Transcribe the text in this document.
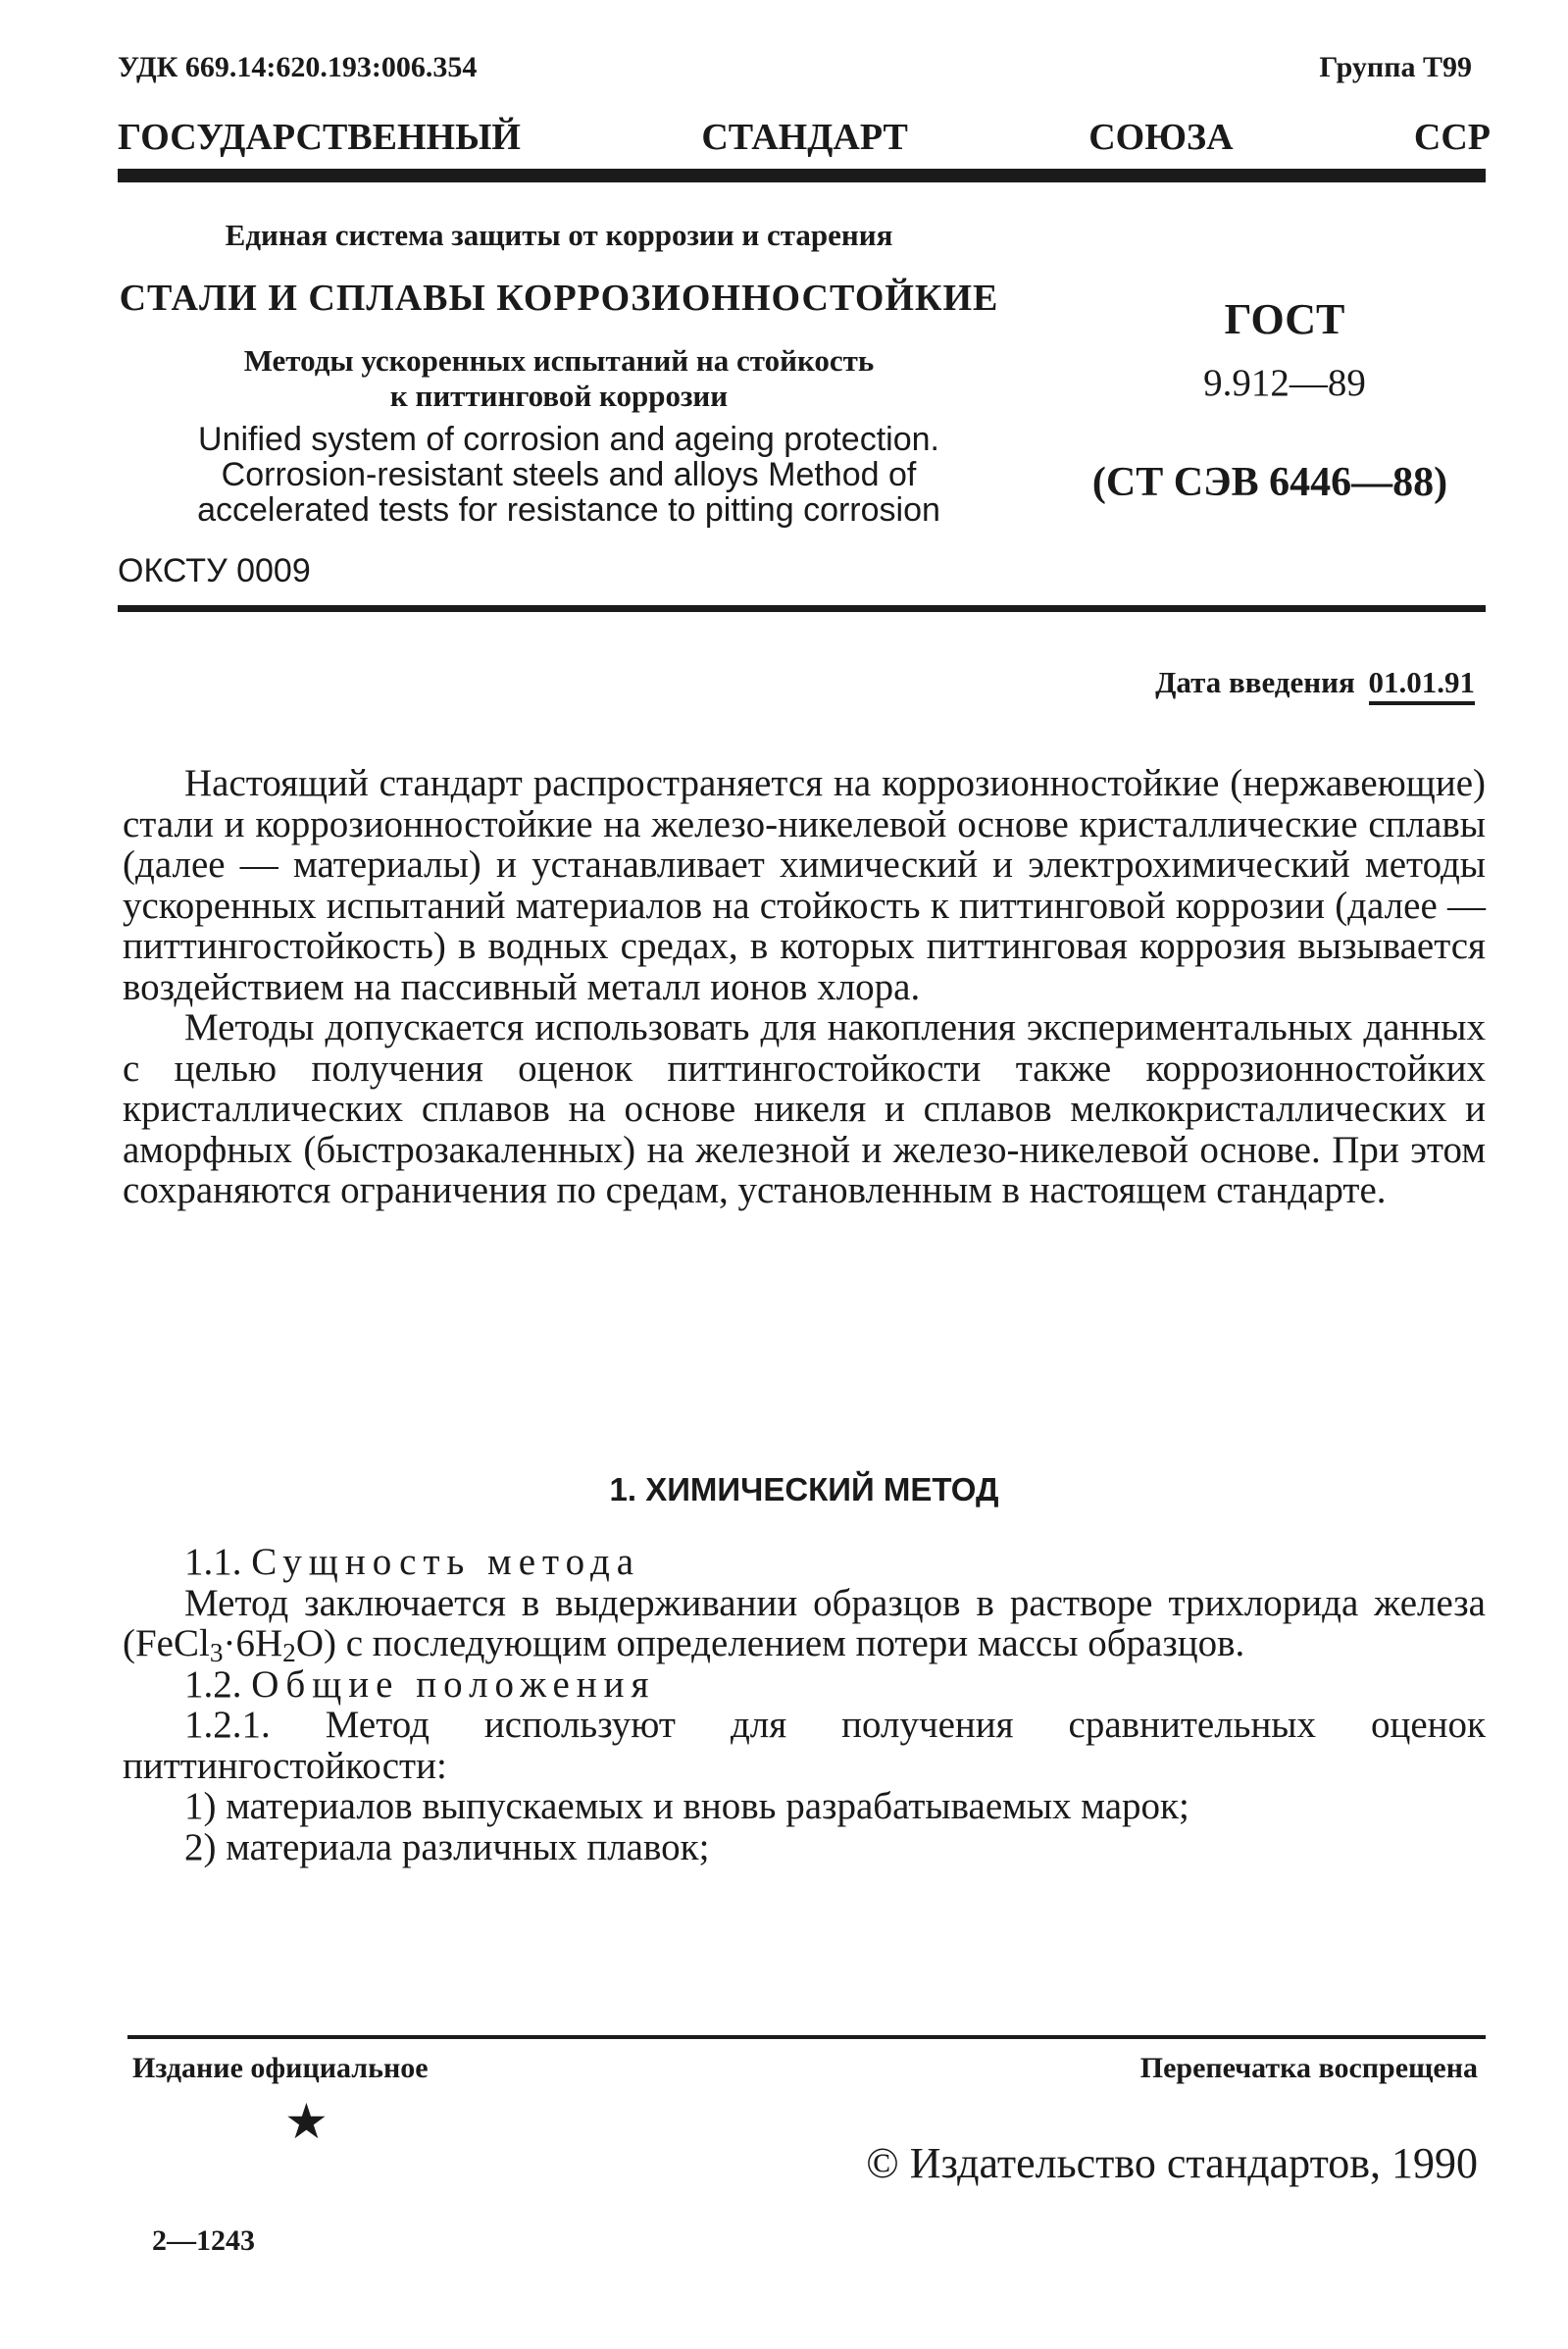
УДК 669.14:620.193:006.354	Группа Т99
ГОСУДАРСТВЕННЫЙ СТАНДАРТ СОЮЗА ССР
Единая система защиты от коррозии и старения
СТАЛИ И СПЛАВЫ КОРРОЗИОННОСТОЙКИЕ
Методы ускоренных испытаний на стойкость
к питтинговой коррозии
Unified system of corrosion and ageing protection.
Corrosion-resistant steels and alloys Method of
accelerated tests for resistance to pitting corrosion
ОКСТУ 0009
ГОСТ
9.912—89
(СТ СЭВ 6446—88)
Дата введения 01.01.91

Настоящий стандарт распространяется на коррозионностойкие (нержавеющие) стали и коррозионностойкие на железо-никелевой основе кристаллические сплавы (далее — материалы) и устанавливает химический и электрохимический методы ускоренных испытаний материалов на стойкость к питтинговой коррозии (далее — питтингостойкость) в водных средах, в которых питтинговая коррозия вызывается воздействием на пассивный металл ионов хлора.

Методы допускается использовать для накопления экспериментальных данных с целью получения оценок питтингостойкости также коррозионностойких кристаллических сплавов на основе никеля и сплавов мелкокристаллических и аморфных (быстрозакаленных) на железной и железо-никелевой основе. При этом сохраняются ограничения по средам, установленным в настоящем стандарте.

1. ХИМИЧЕСКИЙ МЕТОД

1.1. Сущность метода

Метод заключается в выдерживании образцов в растворе трихлорида железа $(FeCl_3\cdot 6H_2O)$ с последующим определением потери массы образцов.

1.2. Общие положения

1.2.1. Метод используют для получения сравнительных оценок питтингостойкости:

1) материалов выпускаемых и вновь разрабатываемых марок;

2) материала различных плавок;

Издание официальное	Перепечатка воспрещена
★
© Издательство стандартов, 1990
2—1243
